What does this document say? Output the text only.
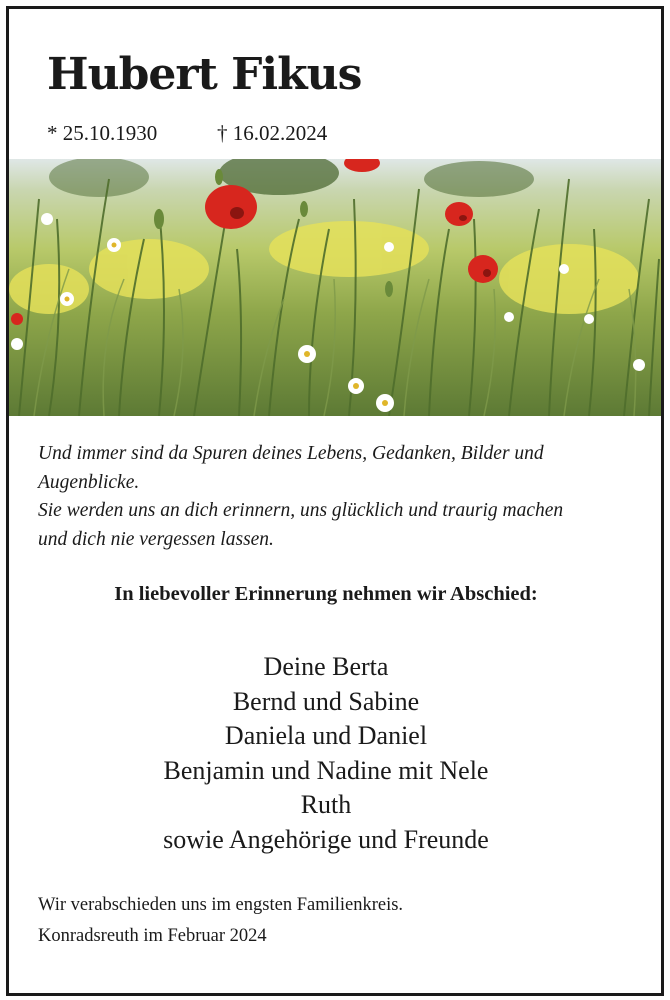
Hubert Fikus
* 25.10.1930	† 16.02.2024
Und immer sind da Spuren deines Lebens, Gedanken, Bilder und
Augenblicke.
Sie werden uns an dich erinnern, uns glücklich und traurig machen
und dich nie vergessen lassen.
In liebevoller Erinnerung nehmen wir Abschied:
Deine Berta
Bernd und Sabine
Daniela und Daniel
Benjamin und Nadine mit Nele
Ruth
sowie Angehörige und Freunde
Wir verabschieden uns im engsten Familienkreis.
Konradsreuth im Februar 2024
